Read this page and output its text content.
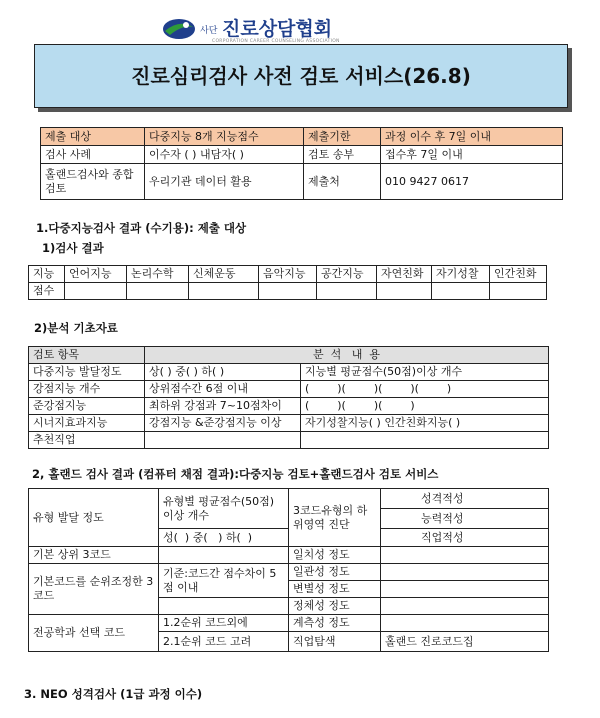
사단 진로상담협회
CORPORATION CAREER COUNSELING ASSOCIATION
진로심리검사 사전 검토 서비스(26.8)
제출 대상	다중지능 8개 지능점수	제출기한	과정 이수 후 7일 이내
검사 사례	이수자 ( ) 내담자( )	검토 송부	접수후 7일 이내
홀랜드검사와 종합 검토	우리기관 데이터 활용	제출처	010 9427 0617
1.다중지능검사 결과 (수기용): 제출 대상
1)검사 결과
지능	언어지능	논리수학	신체운동	음악지능	공간지능	자연친화	자기성찰	인간친화
점수								
2)분석 기초자료
검토 항목	분  석   내  용	
다중지능 발달정도	상( ) 중( ) 하( )	지능별 평균점수(50점)이상 개수
강점지능 개수	상위점수간 6점 이내	(        )(        )(        )(        )
준강점지능	최하위 강점과 7~10점차이	(        )(        )(        )
시너지효과지능	강점지능 &준강점지능 이상	자기성찰지능( ) 인간친화지능( )
추천직업		
2, 홀랜드 검사 결과 (컴퓨터 채점 결과):다중지능 검토+홀랜드검사 검토 서비스
유형 발달 정도	유형별 평균점수(50점)이상 개수	3코드유형의 하위영역 진단	성격적성
			능력적성
	성(  ) 중(   ) 하(  )		직업적성
기본 상위 3코드		일치성 정도	
기본코드를 순위조정한 3코드	기준:코드간 점수차이 5점 이내	일관성 정도	
		변별성 정도	
		정체성 정도	
전공학과 선택 코드	1.2순위 코드외에	계측성 정도	
	2.1순위 코드 고려	직업탐색	홀랜드 진로코드집
3. NEO 성격검사 (1급 과정 이수)
